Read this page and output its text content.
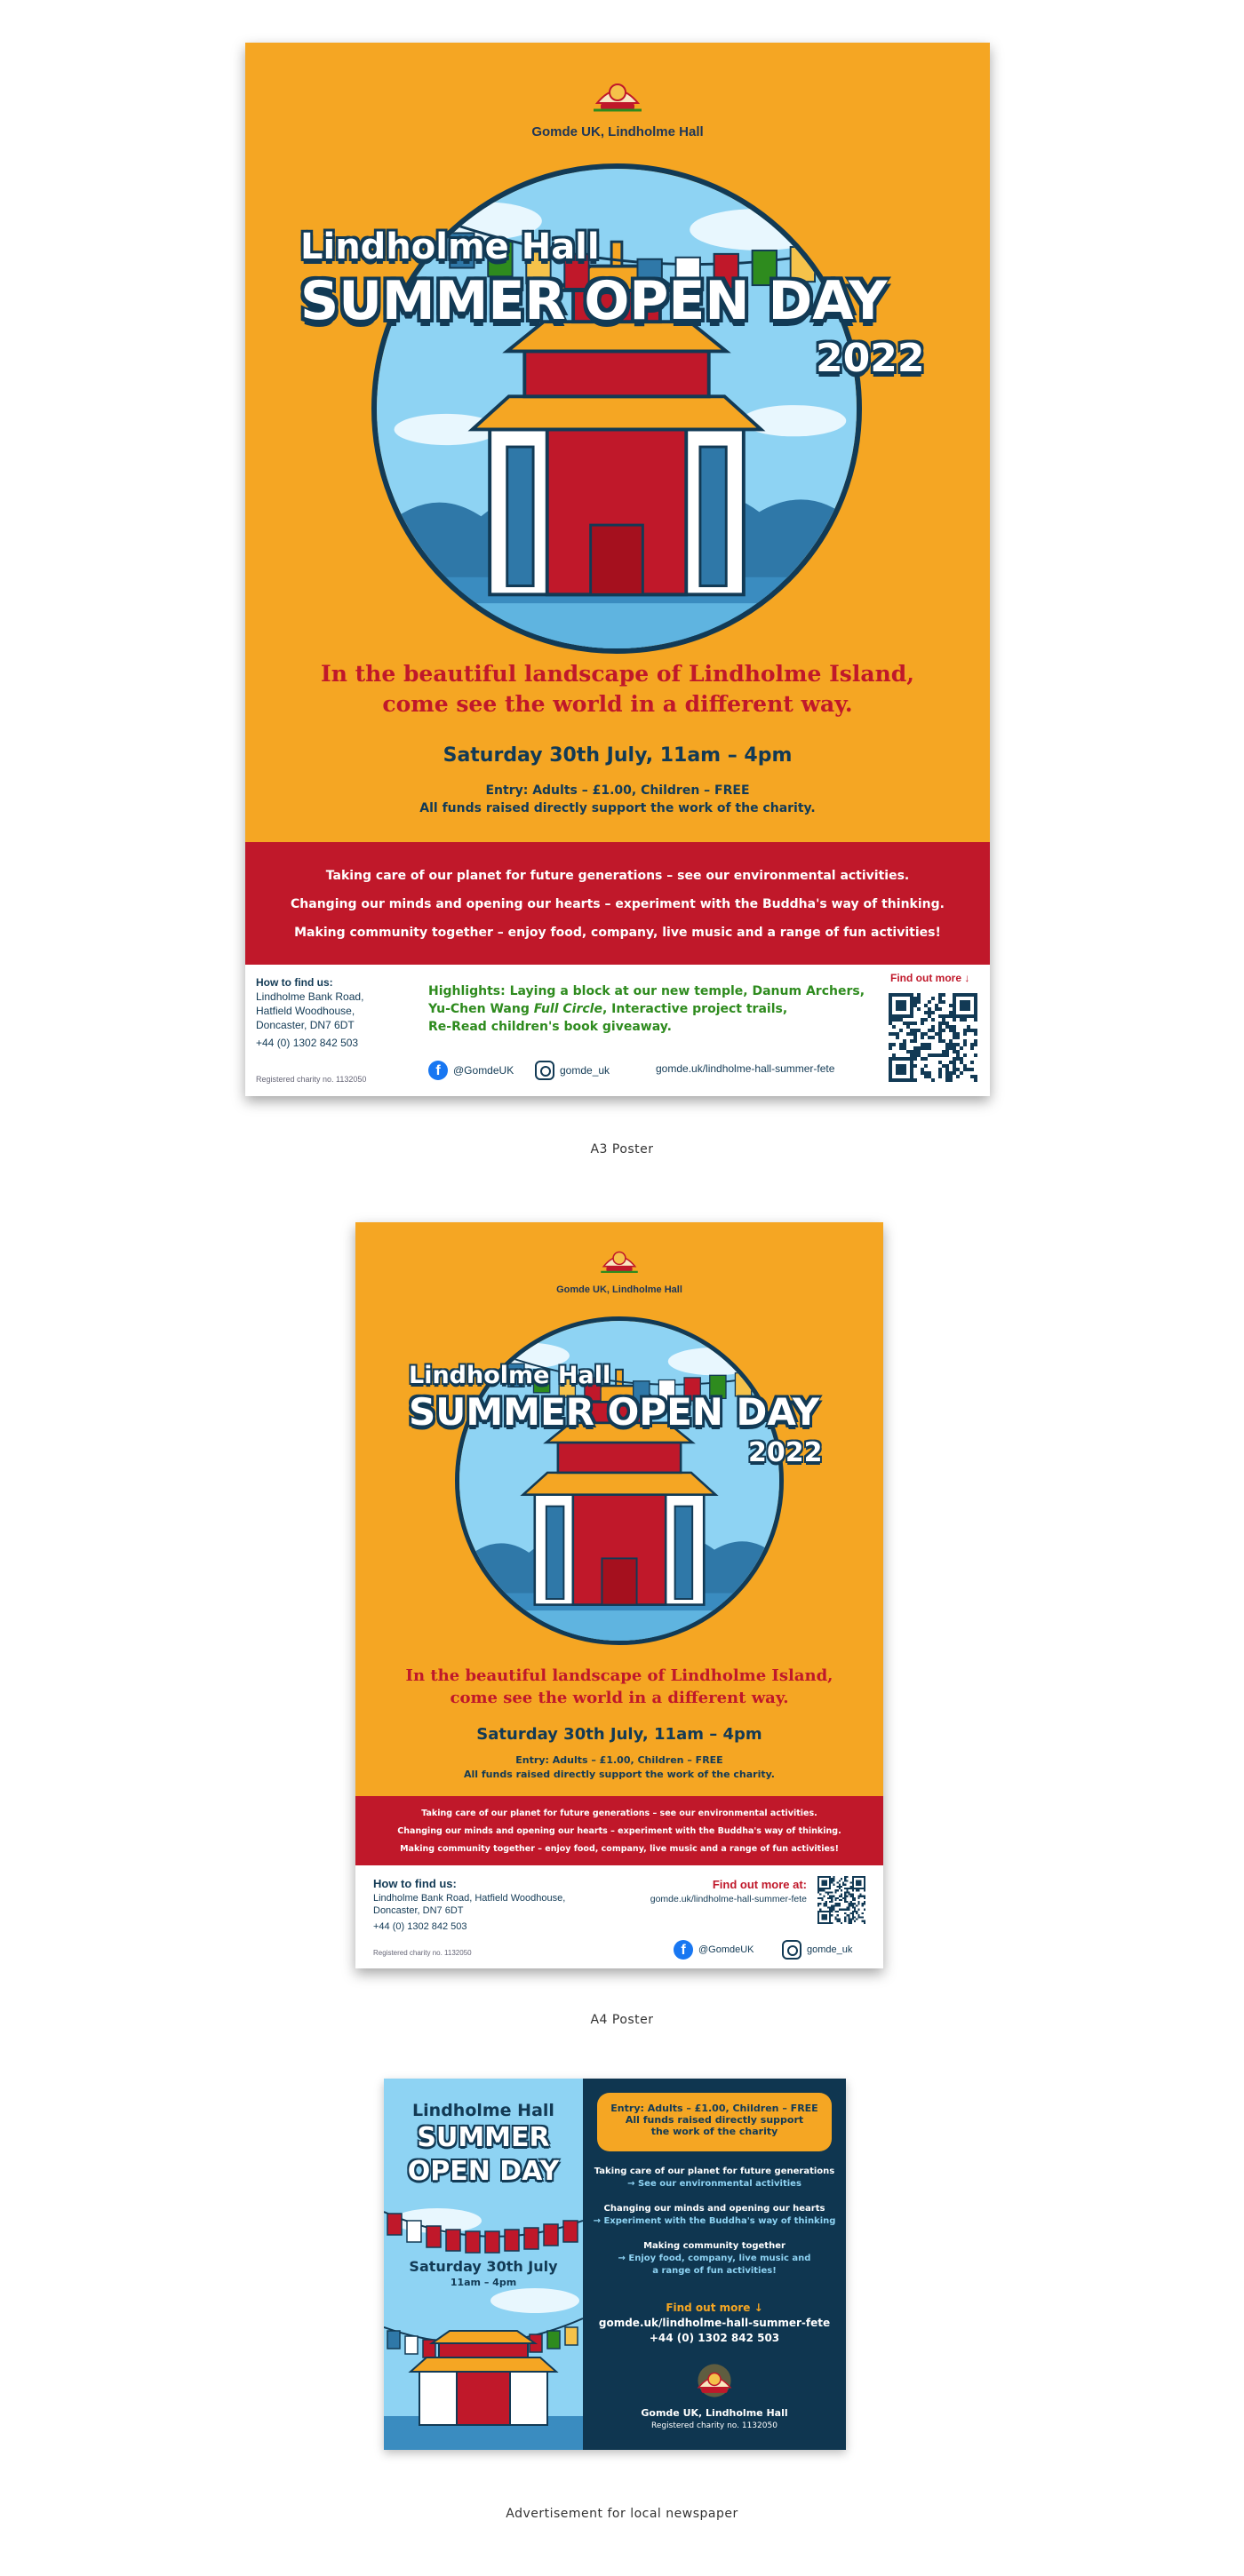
Gomde UK, Lindholme Hall
Lindholme Hall
SUMMER OPEN DAY
2022
In the beautiful landscape of Lindholme Island,
come see the world in a different way.
Saturday 30th July, 11am – 4pm
Entry: Adults – £1.00, Children – FREE
All funds raised directly support the work of the charity.

Taking care of our planet for future generations – see our environmental activities.

Changing our minds and opening our hearts – experiment with the Buddha's way of thinking.

Making community together – enjoy food, company, live music and a range of fun activities!

How to find us:
Lindholme Bank Road,
Hatfield Woodhouse,
Doncaster, DN7 6DT
+44 (0) 1302 842 503
Registered charity no. 1132050
Highlights: Laying a block at our new temple, Danum Archers,
Yu-Chen Wang Full Circle, Interactive project trails,
Re-Read children's book giveaway.
Find out more ↓
f	@GomdeUK	gomde_uk	gomde.uk/lindholme-hall-summer-fete
A3 Poster
Gomde UK, Lindholme Hall
Lindholme Hall
SUMMER OPEN DAY
2022
In the beautiful landscape of Lindholme Island,
come see the world in a different way.
Saturday 30th July, 11am – 4pm
Entry: Adults – £1.00, Children – FREE
All funds raised directly support the work of the charity.

Taking care of our planet for future generations – see our environmental activities.

Changing our minds and opening our hearts – experiment with the Buddha's way of thinking.

Making community together – enjoy food, company, live music and a range of fun activities!

How to find us:
Lindholme Bank Road, Hatfield Woodhouse,
Doncaster, DN7 6DT
+44 (0) 1302 842 503
Registered charity no. 1132050
Find out more at:
gomde.uk/lindholme-hall-summer-fete
f	@GomdeUK	gomde_uk
A4 Poster
Lindholme Hall
SUMMER
OPEN DAY
Saturday 30th July
11am – 4pm
Entry: Adults – £1.00, Children – FREE
All funds raised directly support
the work of the charity
Taking care of our planet for future generations
→ See our environmental activities
Changing our minds and opening our hearts
→ Experiment with the Buddha's way of thinking
Making community together
→ Enjoy food, company, live music and
a range of fun activities!
Find out more ↓
gomde.uk/lindholme-hall-summer-fete
+44 (0) 1302 842 503
Gomde UK, Lindholme Hall
Registered charity no. 1132050
Advertisement for local newspaper
